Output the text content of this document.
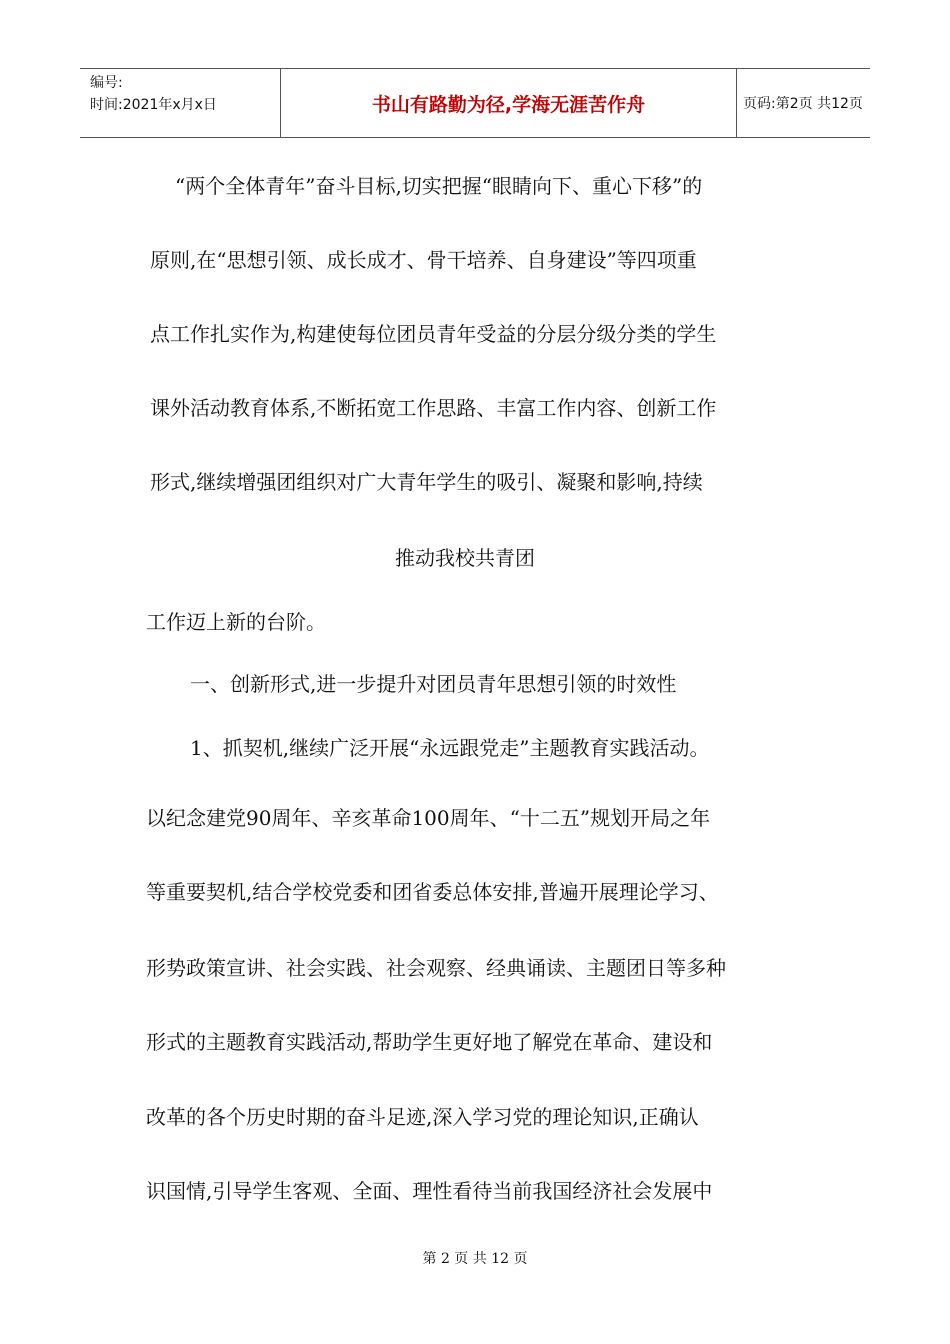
编号:
时间:2021年x月x日	书山有路勤为径,学海无涯苦作舟	页码:第2页 共12页
“两个全体青年”奋斗目标,切实把握“眼睛向下、重心下移”的
原则,在“思想引领、成长成才、骨干培养、自身建设”等四项重
点工作扎实作为,构建使每位团员青年受益的分层分级分类的学生
课外活动教育体系,不断拓宽工作思路、丰富工作内容、创新工作
形式,继续增强团组织对广大青年学生的吸引、凝聚和影响,持续
推动我校共青团
工作迈上新的台阶。
一、创新形式,进一步提升对团员青年思想引领的时效性
1、抓契机,继续广泛开展“永远跟党走”主题教育实践活动。
以纪念建党90周年、辛亥革命100周年、“十二五”规划开局之年
等重要契机,结合学校党委和团省委总体安排,普遍开展理论学习、
形势政策宣讲、社会实践、社会观察、经典诵读、主题团日等多种
形式的主题教育实践活动,帮助学生更好地了解党在革命、建设和
改革的各个历史时期的奋斗足迹,深入学习党的理论知识,正确认
识国情,引导学生客观、全面、理性看待当前我国经济社会发展中
第 2 页 共 12 页
